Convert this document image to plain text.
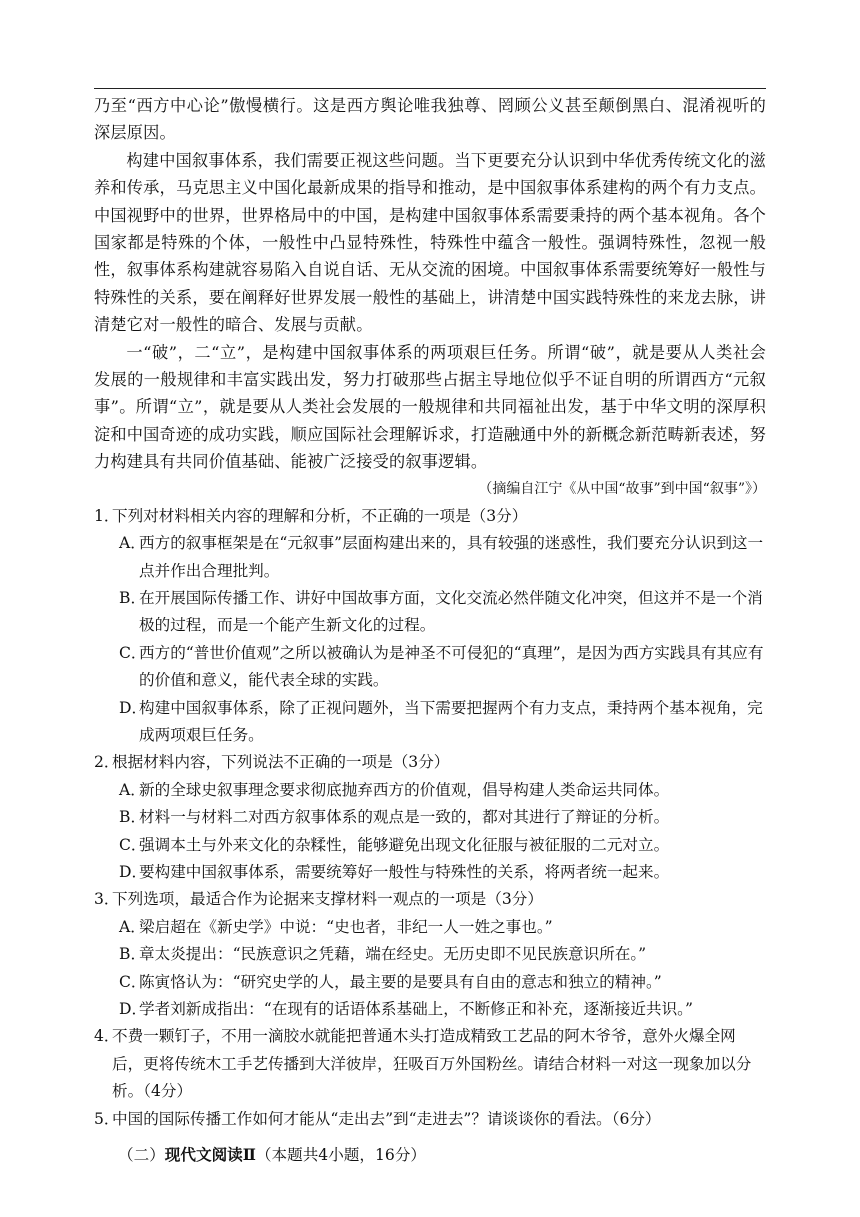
乃至“西方中心论”傲慢横行。这是西方舆论唯我独尊、罔顾公义甚至颠倒黑白、混淆视听的深层原因。

构建中国叙事体系，我们需要正视这些问题。当下更要充分认识到中华优秀传统文化的滋养和传承，马克思主义中国化最新成果的指导和推动，是中国叙事体系建构的两个有力支点。中国视野中的世界，世界格局中的中国，是构建中国叙事体系需要秉持的两个基本视角。各个国家都是特殊的个体，一般性中凸显特殊性，特殊性中蕴含一般性。强调特殊性，忽视一般性，叙事体系构建就容易陷入自说自话、无从交流的困境。中国叙事体系需要统筹好一般性与特殊性的关系，要在阐释好世界发展一般性的基础上，讲清楚中国实践特殊性的来龙去脉，讲清楚它对一般性的暗合、发展与贡献。

一“破”，二“立”，是构建中国叙事体系的两项艰巨任务。所谓“破”，就是要从人类社会发展的一般规律和丰富实践出发，努力打破那些占据主导地位似乎不证自明的所谓西方“元叙事”。所谓“立”，就是要从人类社会发展的一般规律和共同福祉出发，基于中华文明的深厚积淀和中国奇迹的成功实践，顺应国际社会理解诉求，打造融通中外的新概念新范畴新表述，努力构建具有共同价值基础、能被广泛接受的叙事逻辑。

（摘编自江宁《从中国“故事”到中国“叙事”》）

1．
下列对材料相关内容的理解和分析，不正确的一项是（3分）

A．
西方的叙事框架是在“元叙事”层面构建出来的，具有较强的迷惑性，我们要充分认识到这一点并作出合理批判。

B．
在开展国际传播工作、讲好中国故事方面，文化交流必然伴随文化冲突，但这并不是一个消极的过程，而是一个能产生新文化的过程。

C．
西方的“普世价值观”之所以被确认为是神圣不可侵犯的“真理”，是因为西方实践具有其应有的价值和意义，能代表全球的实践。

D．
构建中国叙事体系，除了正视问题外，当下需要把握两个有力支点，秉持两个基本视角，完成两项艰巨任务。

2．
根据材料内容，下列说法不正确的一项是（3分）

A．
新的全球史叙事理念要求彻底抛弃西方的价值观，倡导构建人类命运共同体。

B．
材料一与材料二对西方叙事体系的观点是一致的，都对其进行了辩证的分析。

C．
强调本土与外来文化的杂糅性，能够避免出现文化征服与被征服的二元对立。

D．
要构建中国叙事体系，需要统筹好一般性与特殊性的关系，将两者统一起来。

3．
下列选项，最适合作为论据来支撑材料一观点的一项是（3分）

A．
梁启超在《新史学》中说：“史也者，非纪一人一姓之事也。”

B．
章太炎提出：“民族意识之凭藉，端在经史。无历史即不见民族意识所在。”

C．
陈寅恪认为：“研究史学的人，最主要的是要具有自由的意志和独立的精神。”

D．
学者刘新成指出：“在现有的话语体系基础上，不断修正和补充，逐渐接近共识。”

4．
不费一颗钉子，不用一滴胶水就能把普通木头打造成精致工艺品的阿木爷爷，意外火爆全网后，更将传统木工手艺传播到大洋彼岸，狂吸百万外国粉丝。请结合材料一对这一现象加以分析。（4分）

5．
中国的国际传播工作如何才能从“走出去”到“走进去”？请谈谈你的看法。（6分）

（二）现代文阅读Ⅱ（本题共4小题，16分）
